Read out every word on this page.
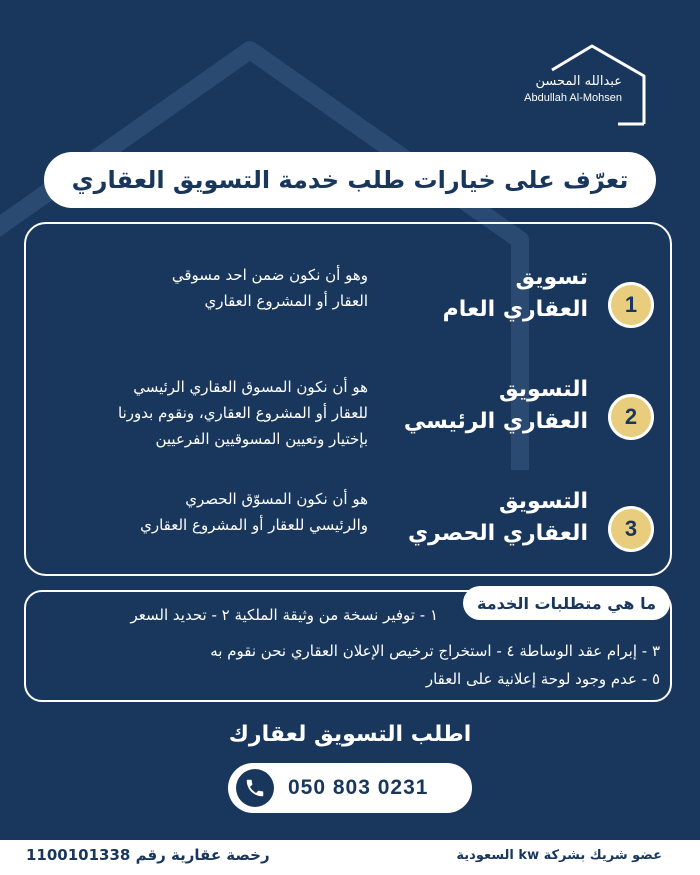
عبدالله المحسن
Abdullah Al-Mohsen
تعرّف على خيارات طلب خدمة التسويق العقاري
1
تسويق
العقاري العام
وهو أن نكون ضمن احد مسوقي
العقار أو المشروع العقاري
2
التسويق
العقاري الرئيسي
هو أن نكون المسوق العقاري الرئيسي
للعقار أو المشروع العقاري، ونقوم بدورنا
بإختيار وتعيين المسوقيين الفرعيين
3
التسويق
العقاري الحصري
هو أن نكون المسوّق الحصري
والرئيسي للعقار أو المشروع العقاري
ما هي متطلبات الخدمة
١ - توفير نسخة من وثيقة الملكية ٢ - تحديد السعر
٣ - إبرام عقد الوساطة ٤ - استخراج ترخيص الإعلان العقاري نحن نقوم به
٥ - عدم وجود لوحة إعلانية على العقار
اطلب التسويق لعقارك
050 803 0231
رخصة عقارية رقم 1100101338	عضو شريك بشركة kw السعودية
